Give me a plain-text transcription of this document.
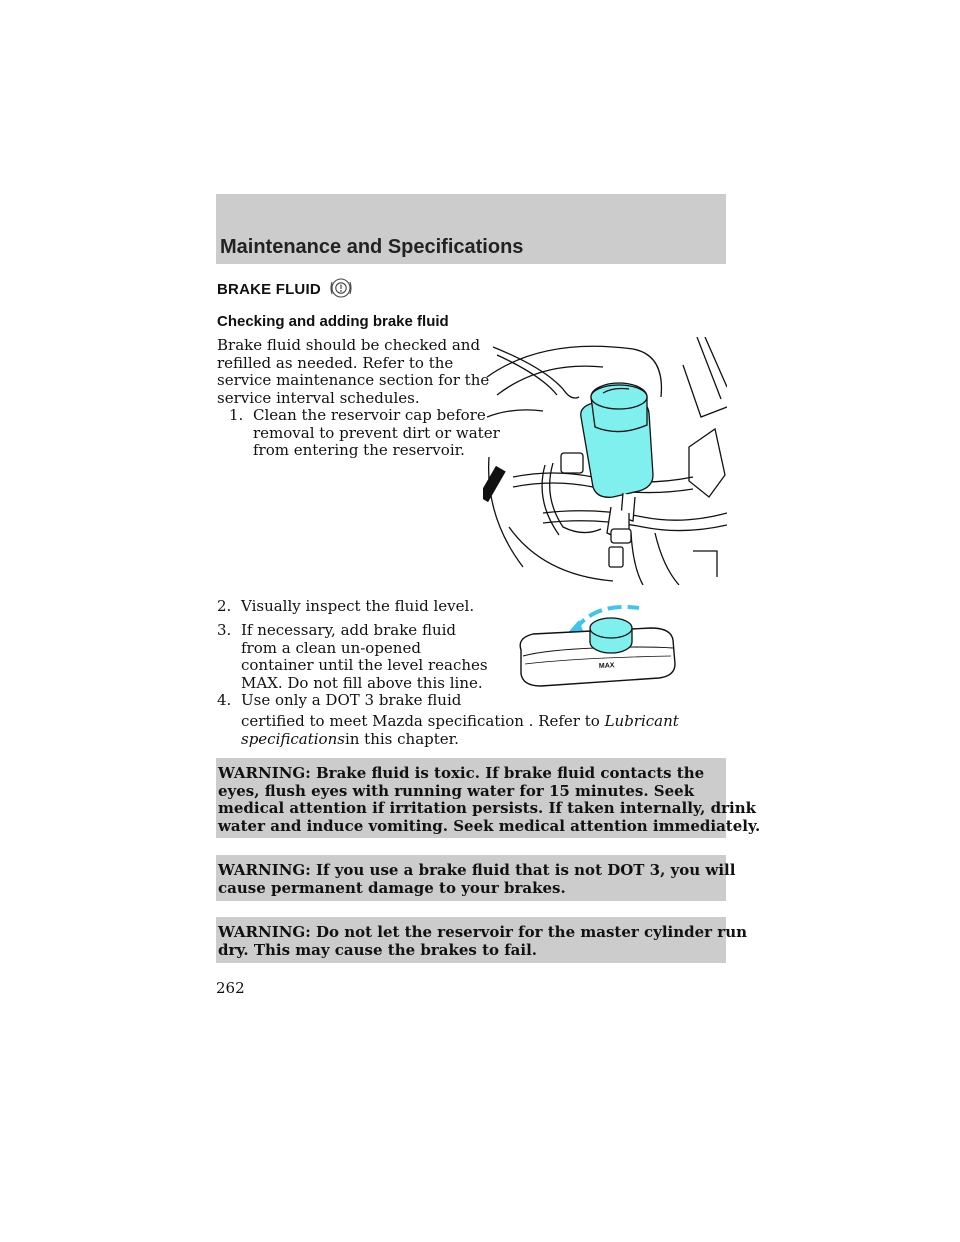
Maintenance and Specifications
BRAKE FLUID
Checking and adding brake fluid
Brake fluid should be checked and
refilled as needed. Refer to the
service maintenance section for the
service interval schedules.
1. Clean the reservoir cap before
removal to prevent dirt or water
from entering the reservoir.
2. Visually inspect the fluid level.
3. If necessary, add brake fluid
from a clean un-opened
container until the level reaches
MAX. Do not fill above this line.
MAX
4. Use only a DOT 3 brake fluid
certified to meet Mazda specification . Refer to Lubricant
specificationsin this chapter.
WARNING: Brake fluid is toxic. If brake fluid contacts the
eyes, flush eyes with running water for 15 minutes. Seek
medical attention if irritation persists. If taken internally, drink
water and induce vomiting. Seek medical attention immediately.
WARNING: If you use a brake fluid that is not DOT 3, you will
cause permanent damage to your brakes.
WARNING: Do not let the reservoir for the master cylinder run
dry. This may cause the brakes to fail.
262
